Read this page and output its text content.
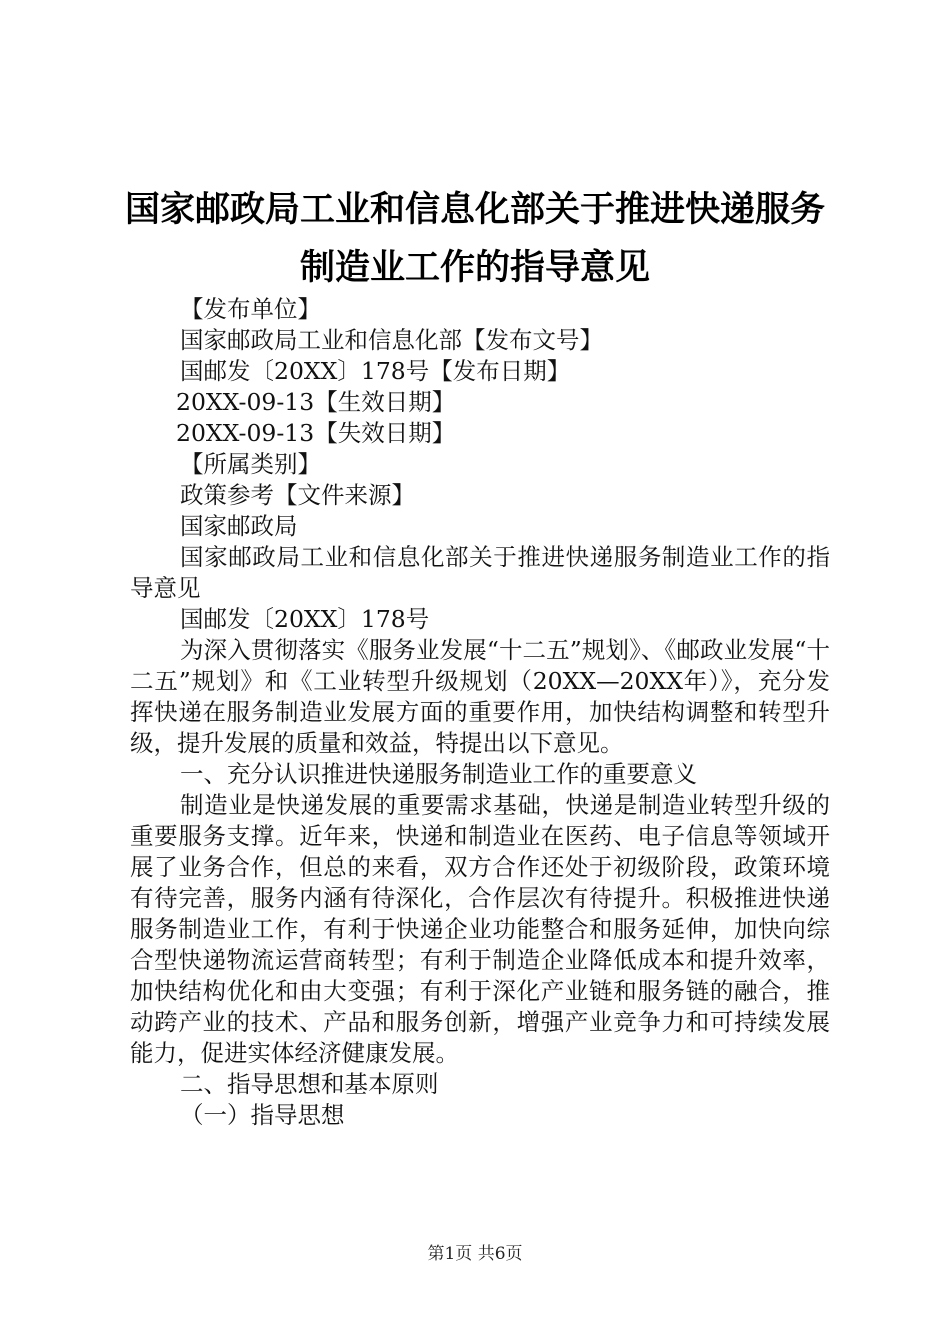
国家邮政局工业和信息化部关于推进快递服务
制造业工作的指导意见

【发布单位】

国家邮政局工业和信息化部【发布文号】

国邮发〔20XX〕178号【发布日期】

20XX-09-13【生效日期】

20XX-09-13【失效日期】

【所属类别】

政策参考【文件来源】

国家邮政局

国家邮政局工业和信息化部关于推进快递服务制造业工作的指导意见

国邮发〔20XX〕178号

为深入贯彻落实《服务业发展“十二五”规划》、《邮政业发展“十二五”规划》和《工业转型升级规划（20XX—20XX年）》，充分发挥快递在服务制造业发展方面的重要作用，加快结构调整和转型升级，提升发展的质量和效益，特提出以下意见。

一、充分认识推进快递服务制造业工作的重要意义

制造业是快递发展的重要需求基础，快递是制造业转型升级的重要服务支撑。近年来，快递和制造业在医药、电子信息等领域开展了业务合作，但总的来看，双方合作还处于初级阶段，政策环境有待完善，服务内涵有待深化，合作层次有待提升。积极推进快递服务制造业工作，有利于快递企业功能整合和服务延伸，加快向综合型快递物流运营商转型；有利于制造企业降低成本和提升效率，加快结构优化和由大变强；有利于深化产业链和服务链的融合，推动跨产业的技术、产品和服务创新，增强产业竞争力和可持续发展能力，促进实体经济健康发展。

二、指导思想和基本原则

（一）指导思想

第1页 共6页
